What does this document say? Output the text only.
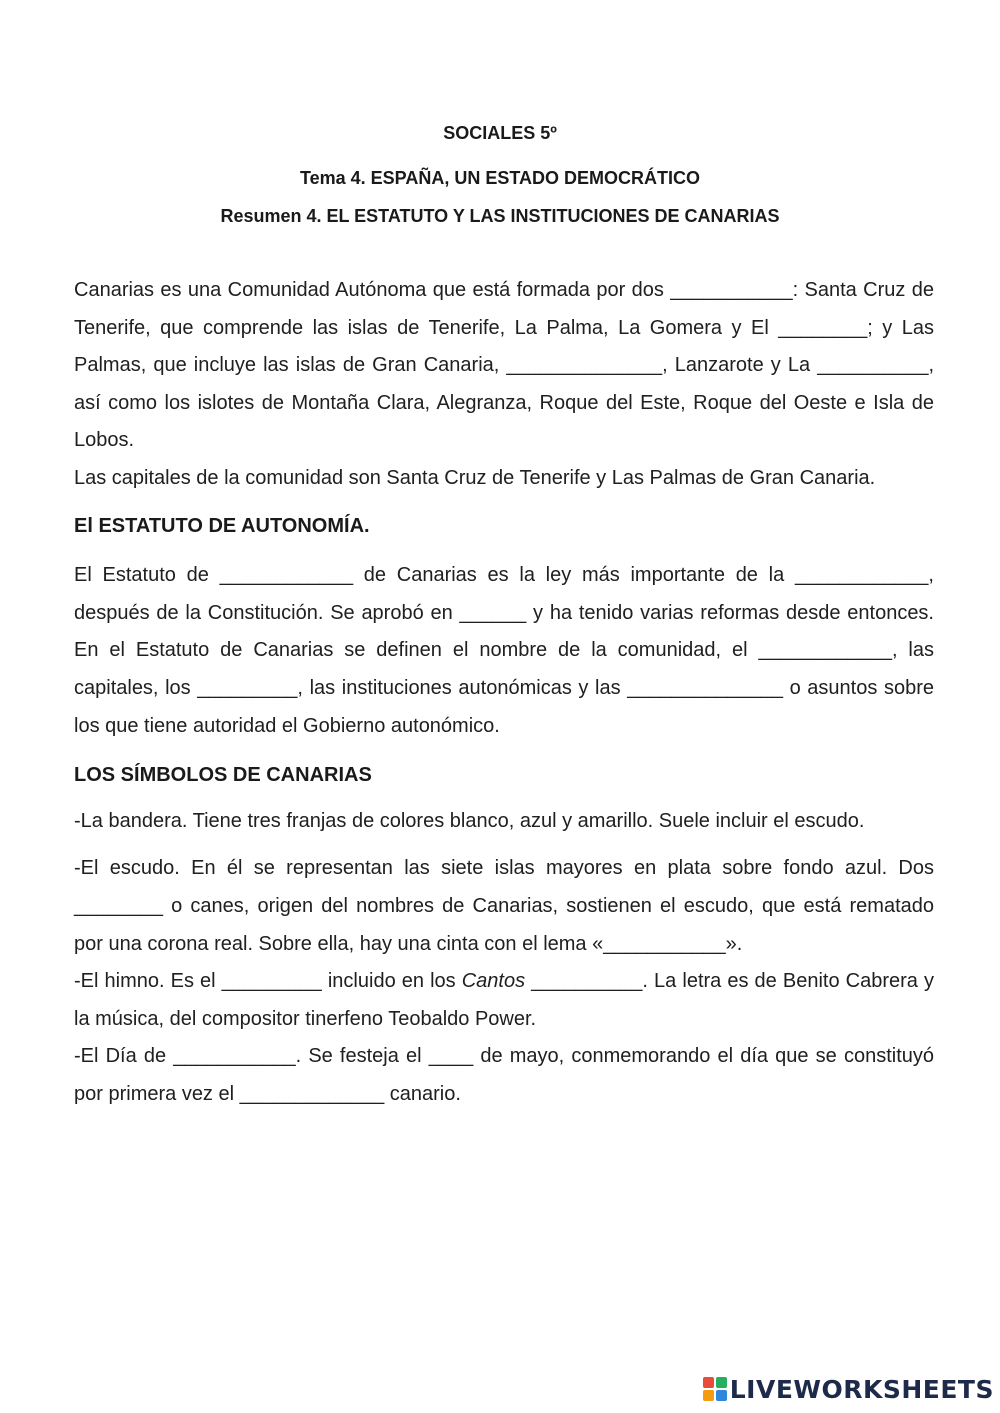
SOCIALES 5º
Tema 4. ESPAÑA, UN ESTADO DEMOCRÁTICO
Resumen 4. EL ESTATUTO Y LAS INSTITUCIONES DE CANARIAS

Canarias es una Comunidad Autónoma que está formada por dos ___________: Santa Cruz de Tenerife, que comprende las islas de Tenerife, La Palma, La Gomera y El ________; y Las Palmas, que incluye las islas de Gran Canaria, ______________, Lanzarote y La __________, así como los islotes de Montaña Clara, Alegranza, Roque del Este, Roque del Oeste e Isla de Lobos.

Las capitales de la comunidad son Santa Cruz de Tenerife y Las Palmas de Gran Canaria.

El ESTATUTO DE AUTONOMÍA.

El Estatuto de ____________ de Canarias es la ley más importante de la ____________, después de la Constitución. Se aprobó en ______ y ha tenido varias reformas desde entonces. En el Estatuto de Canarias se definen el nombre de la comunidad, el ____________, las capitales, los _________, las instituciones autonómicas y las ______________ o asuntos sobre los que tiene autoridad el Gobierno autonómico.

LOS SÍMBOLOS DE CANARIAS

-La bandera. Tiene tres franjas de colores blanco, azul y amarillo. Suele incluir el escudo.

-El escudo. En él se representan las siete islas mayores en plata sobre fondo azul. Dos ________ o canes, origen del nombres de Canarias, sostienen el escudo, que está rematado por una corona real. Sobre ella, hay una cinta con el lema «___________».

-El himno. Es el _________ incluido en los Cantos __________. La letra es de Benito Cabrera y la música, del compositor tinerfeno Teobaldo Power.

-El Día de ___________. Se festeja el ____ de mayo, conmemorando el día que se constituyó por primera vez el _____________ canario.

LIVEWORKSHEETS
